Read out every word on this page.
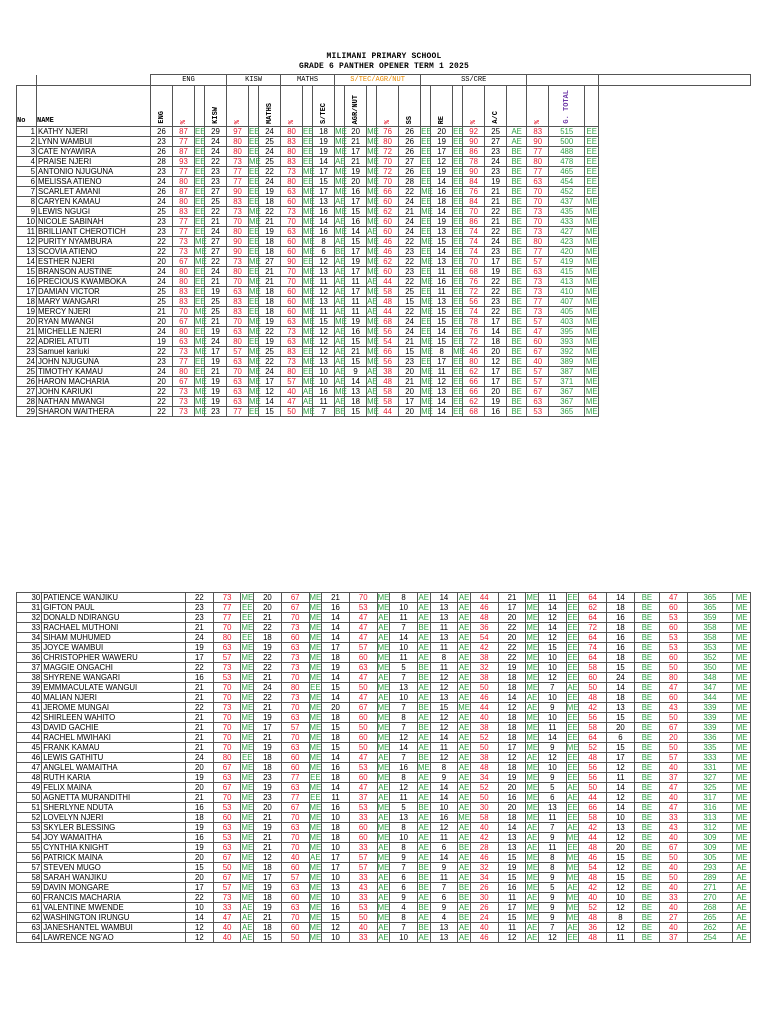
MILIMANI PRIMARY SCHOOL
GRADE 6 PANTHER OPENER TERM 1 2025
		ENG				KISW			MATHS			S/TEC/AGR/NUT					SS/CRE									
No	NAME	ENG	%		KISW	%		MATHS	%		S/TEC		AGR/NUT		%	SS		RE		%	A/C		%	G. TOTAL		
1	KATHY NJERI	26	87	EE	29	97	EE	24	80	EE	18	ME	20	ME	76	26	EE	20	EE	92	25	AE	83	515	EE	
2	LYNN WAMBUI	23	77	EE	24	80	EE	25	83	EE	19	ME	21	ME	80	26	EE	19	EE	90	27	AE	90	500	EE	
3	CATE NYAWIRA	26	87	EE	24	80	EE	24	80	EE	19	ME	17	ME	72	26	EE	17	EE	86	23	BE	77	488	EE	
4	PRAISE NJERI	28	93	EE	22	73	ME	25	83	EE	14	AE	21	ME	70	27	EE	12	EE	78	24	BE	80	478	EE	
5	ANTONIO NJUGUNA	23	77	EE	23	77	EE	22	73	ME	17	ME	19	ME	72	26	EE	19	EE	90	23	BE	77	465	EE	
6	MELISSA ATIENO	24	80	EE	23	77	EE	24	80	EE	15	ME	20	ME	70	28	EE	14	EE	84	19	BE	63	454	EE	
7	SCARLET AMANI	26	87	EE	27	90	EE	19	63	ME	17	ME	16	ME	66	22	ME	16	EE	76	21	BE	70	452	EE	
8	CARYEN KAMAU	24	80	EE	25	83	EE	18	60	ME	13	AE	17	ME	60	24	EE	18	EE	84	21	BE	70	437	ME	
9	LEWIS NGUGI	25	83	EE	22	73	ME	22	73	ME	16	ME	15	ME	62	21	ME	14	EE	70	22	BE	73	435	ME	
10	NICOLE SABINAH	23	77	EE	21	70	ME	21	70	ME	14	AE	16	ME	60	24	EE	19	EE	86	21	BE	70	433	ME	
11	BRILLIANT CHEROTICH	23	77	EE	24	80	EE	19	63	ME	16	ME	14	AE	60	24	EE	13	EE	74	22	BE	73	427	ME	
12	PURITY NYAMBURA	22	73	ME	27	90	EE	18	60	ME	8	AE	15	ME	46	22	ME	15	EE	74	24	BE	80	423	ME	
13	SCOVIA ATIENO	22	73	ME	27	90	EE	18	60	ME	6	BE	17	ME	46	23	EE	14	EE	74	23	BE	77	420	ME	
14	ESTHER NJERI	20	67	ME	22	73	ME	27	90	EE	12	AE	19	ME	62	22	ME	13	EE	70	17	BE	57	419	ME	
15	BRANSON AUSTINE	24	80	EE	24	80	EE	21	70	ME	13	AE	17	ME	60	23	EE	11	EE	68	19	BE	63	415	ME	
16	PRECIOUS KWAMBOKA	24	80	EE	21	70	ME	21	70	ME	11	AE	11	AE	44	22	ME	16	EE	76	22	BE	73	413	ME	
17	DAMIAN VICTOR	25	83	EE	19	63	ME	18	60	ME	12	AE	17	ME	58	25	EE	11	EE	72	22	BE	73	410	ME	
18	MARY WANGARI	25	83	EE	25	83	EE	18	60	ME	13	AE	11	AE	48	15	ME	13	EE	56	23	BE	77	407	ME	
19	MERCY NJERI	21	70	ME	25	83	EE	18	60	ME	11	AE	11	AE	44	22	ME	15	EE	74	22	BE	73	405	ME	
20	RYAN MWANGI	20	67	ME	21	70	ME	19	63	ME	15	ME	19	ME	68	24	EE	15	EE	78	17	BE	57	403	ME	
21	MICHELLE NJERI	24	80	EE	19	63	ME	22	73	ME	12	AE	16	ME	56	24	EE	14	EE	76	14	BE	47	395	ME	
22	ADRIEL ATUTI	19	63	ME	24	80	EE	19	63	ME	12	AE	15	ME	54	21	ME	15	EE	72	18	BE	60	393	ME	
23	Samuel kariuki	22	73	ME	17	57	ME	25	83	EE	12	AE	21	ME	66	15	ME	8	ME	46	20	BE	67	392	ME	
24	JOHN NJUGUNA	23	77	EE	19	63	ME	22	73	ME	13	AE	15	ME	56	23	EE	17	EE	80	12	BE	40	389	ME	
25	TIMOTHY KAMAU	24	80	EE	21	70	ME	24	80	EE	10	AE	9	AE	38	20	ME	11	EE	62	17	BE	57	387	ME	
26	HARON MACHARIA	20	67	ME	19	63	ME	17	57	ME	10	AE	14	AE	48	21	ME	12	EE	66	17	BE	57	371	ME	
27	JOHN KARIUKI	22	73	ME	19	63	ME	12	40	AE	16	ME	13	AE	58	20	ME	13	EE	66	20	BE	67	367	ME	
28	NATHAN MWANGI	22	73	ME	19	63	ME	14	47	AE	11	AE	18	ME	58	17	ME	14	EE	62	19	BE	63	367	ME	
29	SHARON WAITHERA	22	73	ME	23	77	EE	15	50	ME	7	BE	15	ME	44	20	ME	14	EE	68	16	BE	53	365	ME	
30	PATIENCE WANJIKU	22	73	ME	20	67	ME	21	70	ME	8	AE	14	AE	44	21	ME	11	EE	64	14	BE	47	365	ME
31	GIFTON PAUL	23	77	EE	20	67	ME	16	53	ME	10	AE	13	AE	46	17	ME	14	EE	62	18	BE	60	365	ME
32	DONALD NDIRANGU	23	77	EE	21	70	ME	14	47	AE	11	AE	13	AE	48	20	ME	12	EE	64	16	BE	53	359	ME
33	RACHAEL MUTHONI	21	70	ME	22	73	ME	14	47	AE	7	BE	11	AE	36	22	ME	14	EE	72	18	BE	60	358	ME
34	SIHAM MUHUMED	24	80	EE	18	60	ME	14	47	AE	14	AE	13	AE	54	20	ME	12	EE	64	16	BE	53	358	ME
35	JOYCE WAMBUI	19	63	ME	19	63	ME	17	57	ME	10	AE	11	AE	42	22	ME	15	EE	74	16	BE	53	353	ME
36	CHRISTOPHER WAWERU	17	57	ME	22	73	ME	18	60	ME	11	AE	8	AE	38	22	ME	10	EE	64	18	BE	60	352	ME
37	MAGGIE ONGACHI	22	73	ME	22	73	ME	19	63	ME	5	BE	11	AE	32	19	ME	10	EE	58	15	BE	50	350	ME
38	SHYRENE WANGARI	16	53	ME	21	70	ME	14	47	AE	7	BE	12	AE	38	18	ME	12	EE	60	24	BE	80	348	ME
39	EMMMACULATE WANGUI	21	70	ME	24	80	EE	15	50	ME	13	AE	12	AE	50	18	ME	7	AE	50	14	BE	47	347	ME
40	MALIAN NJERI	21	70	ME	22	73	ME	14	47	AE	10	AE	13	AE	46	14	AE	10	EE	48	18	BE	60	344	ME
41	JEROME MUNGAI	22	73	ME	21	70	ME	20	67	ME	7	BE	15	ME	44	12	AE	9	ME	42	13	BE	43	339	ME
42	SHIRLEEN WAHITO	21	70	ME	19	63	ME	18	60	ME	8	AE	12	AE	40	18	ME	10	EE	56	15	BE	50	339	ME
43	DAVID GACHIE	21	70	ME	17	57	ME	15	50	ME	7	BE	12	AE	38	18	ME	11	EE	58	20	BE	67	339	ME
44	RACHEL MWIHAKI	21	70	ME	21	70	ME	18	60	ME	12	AE	14	AE	52	18	ME	14	EE	64	6	BE	20	336	ME
45	FRANK KAMAU	21	70	ME	19	63	ME	15	50	ME	14	AE	11	AE	50	17	ME	9	ME	52	15	BE	50	335	ME
46	LEWIS GATHITU	24	80	EE	18	60	ME	14	47	AE	7	BE	12	AE	38	12	AE	12	EE	48	17	BE	57	333	ME
47	ANGLEL WAMAITHA	20	67	ME	18	60	ME	16	53	ME	16	ME	8	AE	48	18	ME	10	EE	56	12	BE	40	331	ME
48	RUTH KARIA	19	63	ME	23	77	EE	18	60	ME	8	AE	9	AE	34	19	ME	9	EE	56	11	BE	37	327	ME
49	FELIX MAINA	20	67	ME	19	63	ME	14	47	AE	12	AE	14	AE	52	20	ME	5	AE	50	14	BE	47	325	ME
50	AGNETTA MURANDITHI	21	70	ME	23	77	EE	11	37	AE	11	AE	14	AE	50	16	ME	6	AE	44	12	BE	40	317	ME
51	SHERLYNE NDUTA	16	53	ME	20	67	ME	16	53	ME	5	BE	10	AE	30	20	ME	13	EE	66	14	BE	47	316	ME
52	LOVELYN NJERI	18	60	ME	21	70	ME	10	33	AE	13	AE	16	ME	58	18	ME	11	EE	58	10	BE	33	313	ME
53	SKYLER BLESSING	19	63	ME	19	63	ME	18	60	ME	8	AE	12	AE	40	14	AE	7	AE	42	13	BE	43	312	ME
54	JOY WAMAITHA	16	53	ME	21	70	ME	18	60	ME	10	AE	11	AE	42	13	AE	9	ME	44	12	BE	40	309	ME
55	CYNTHIA KNIGHT	19	63	ME	21	70	ME	10	33	AE	8	AE	6	BE	28	13	AE	11	EE	48	20	BE	67	309	ME
56	PATRICK MAINA	20	67	ME	12	40	AE	17	57	ME	9	AE	14	AE	46	15	ME	8	ME	46	15	BE	50	305	ME
57	STEVEN MUGO	15	50	ME	18	60	ME	17	57	ME	7	BE	9	AE	32	19	ME	8	ME	54	12	BE	40	293	AE
58	SARAH WANJIKU	20	67	ME	17	57	ME	10	33	AE	6	BE	11	AE	34	15	ME	9	ME	48	15	BE	50	289	AE
59	DAVIN MONGARE	17	57	ME	19	63	ME	13	43	AE	6	BE	7	BE	26	16	ME	5	AE	42	12	BE	40	271	AE
60	FRANCIS MACHARIA	22	73	ME	18	60	ME	10	33	AE	9	AE	6	BE	30	11	AE	9	ME	40	10	BE	33	270	AE
61	VALENTINE MWENDE	10	33	AE	19	63	ME	16	53	ME	4	BE	9	AE	26	17	ME	9	ME	52	12	BE	40	268	AE
62	WASHINGTON IRUNGU	14	47	AE	21	70	ME	15	50	ME	8	AE	4	BE	24	15	ME	9	ME	48	8	BE	27	265	AE
63	JANESHANTEL WAMBUI	12	40	AE	18	60	ME	12	40	AE	7	BE	13	AE	40	11	AE	7	AE	36	12	BE	40	262	AE
64	LAWRENCE NG'AO	12	40	AE	15	50	ME	10	33	AE	10	AE	13	AE	46	12	AE	12	EE	48	11	BE	37	254	AE
